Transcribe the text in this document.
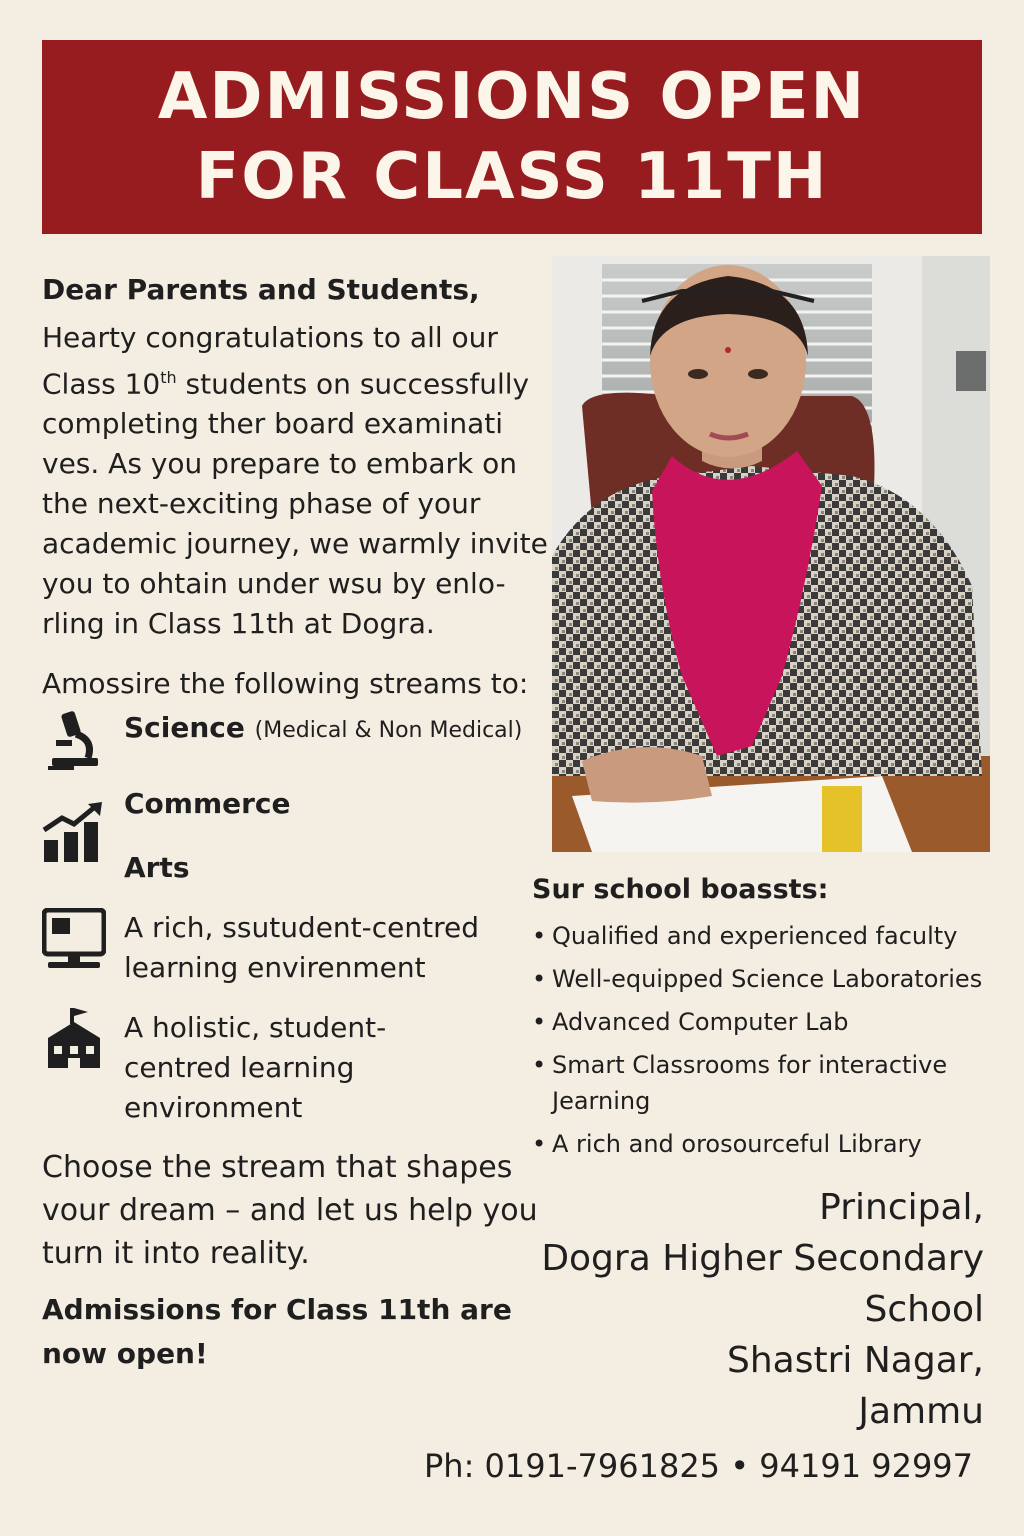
ADMISSIONS OPEN
FOR CLASS 11TH

Dear Parents and Students,

Hearty congratulations to all our Class 10th students on successfully completing ther board examinati ves. As you prepare to embark on the next-exciting phase of your academic journey, we warmly invite you to ohtain under wsu by enlo-rling in Class 11th at Dogra.

Amossire the following streams to:

Science (Medical & Non Medical)
Commerce
Arts
A rich, ssutudent-centred learning envirenment
A holistic, student-centred learning environment
Choose the stream that shapes vour dream – and let us help you turn it into reality.
Admissions for Class 11th are now open!
Sur school boassts:
• Qualified and experienced faculty
• Well-equipped Science Laboratories
• Advanced Computer Lab
• Smart Classrooms for interactive Jearning
• A rich and orosourceful Library
Principal,
Dogra Higher Secondary
School
Shastri Nagar,
Jammu
Ph: 0191-7961825 • 94191 92997
